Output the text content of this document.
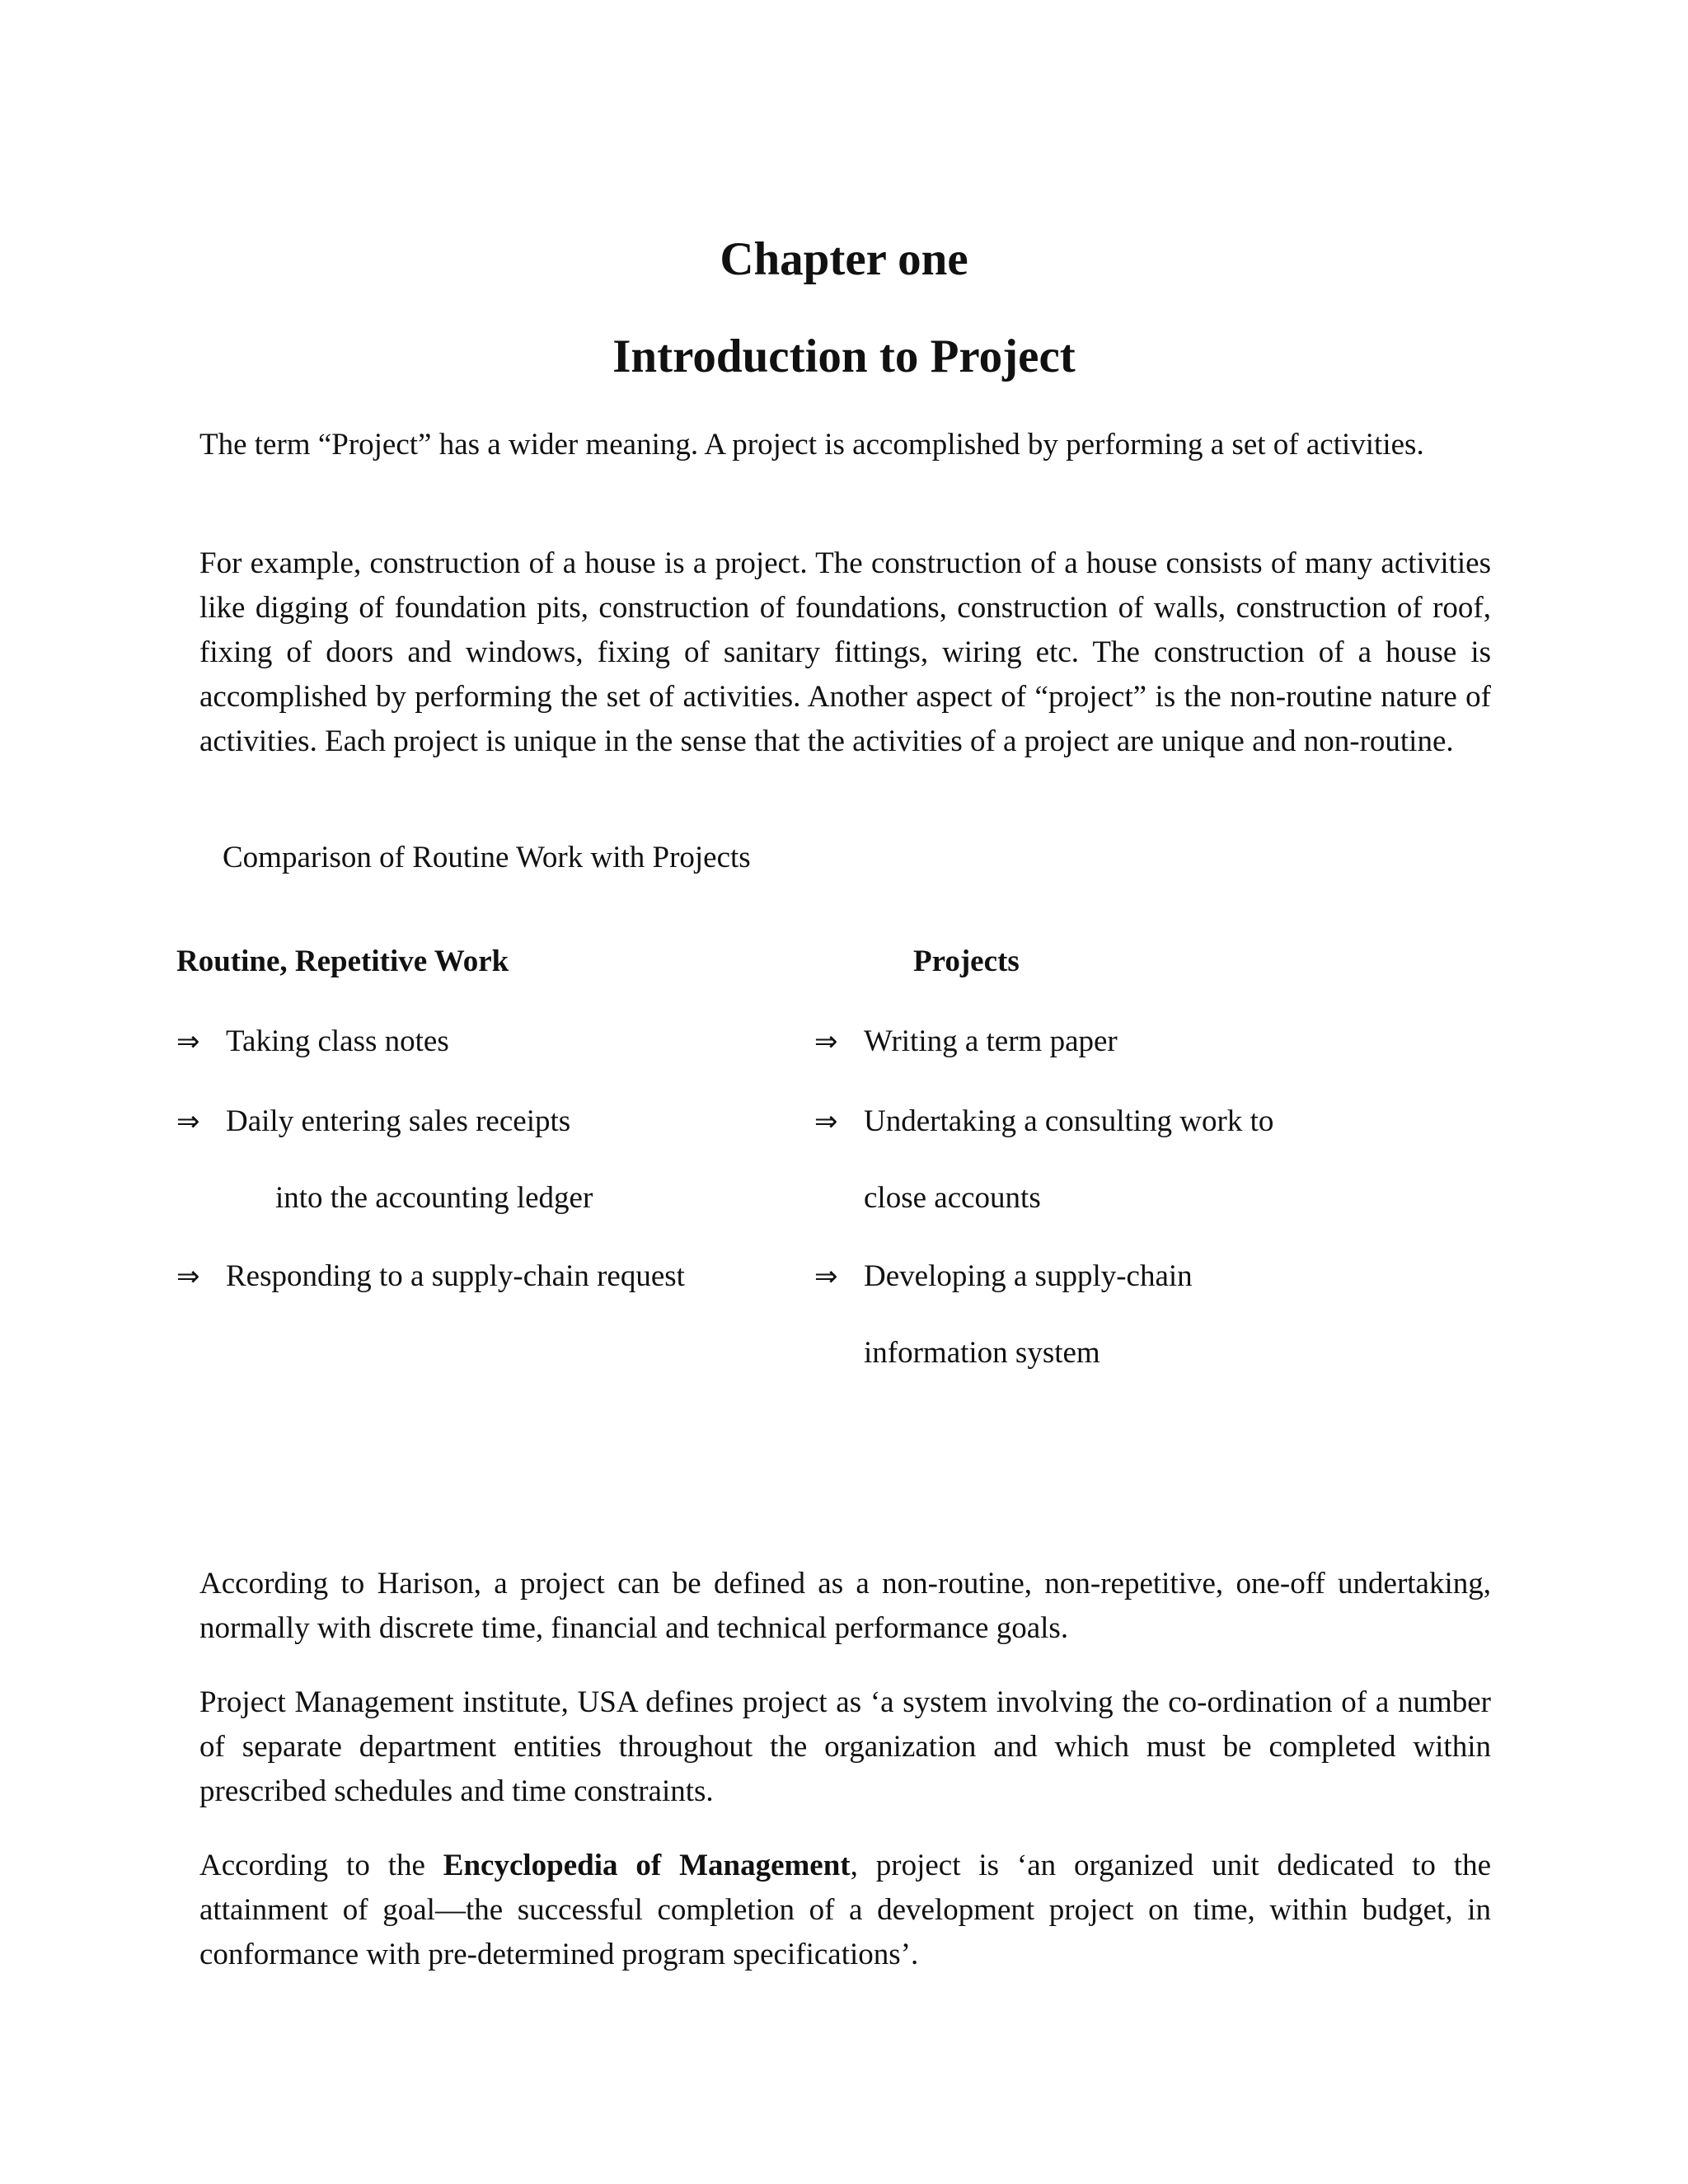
Chapter one
Introduction to Project

The term “Project” has a wider meaning. A project is accomplished by performing a set of activities.

For example, construction of a house is a project. The construction of a house consists of many activities like digging of foundation pits, construction of foundations, construction of walls, construction of roof, fixing of doors and windows, fixing of sanitary fittings, wiring etc. The construction of a house is accomplished by performing the set of activities. Another aspect of “project” is the non-routine nature of activities. Each project is unique in the sense that the activities of a project are unique and non-routine.

Comparison of Routine Work with Projects

Routine, Repetitive Work	Projects

⇒ Taking class notes
⇒ Daily entering sales receipts
into the accounting ledger
⇒ Responding to a supply-chain request
⇒ Writing a term paper
⇒ Undertaking a consulting work to
close accounts
⇒ Developing a supply-chain
information system

According to Harison, a project can be defined as a non-routine, non-repetitive, one-off undertaking, normally with discrete time, financial and technical performance goals.

Project Management institute, USA defines project as ‘a system involving the co-ordination of a number of separate department entities throughout the organization and which must be completed within prescribed schedules and time constraints.

According to the Encyclopedia of Management, project is ‘an organized unit dedicated to the attainment of goal—the successful completion of a development project on time, within budget, in conformance with pre-determined program specifications’.
